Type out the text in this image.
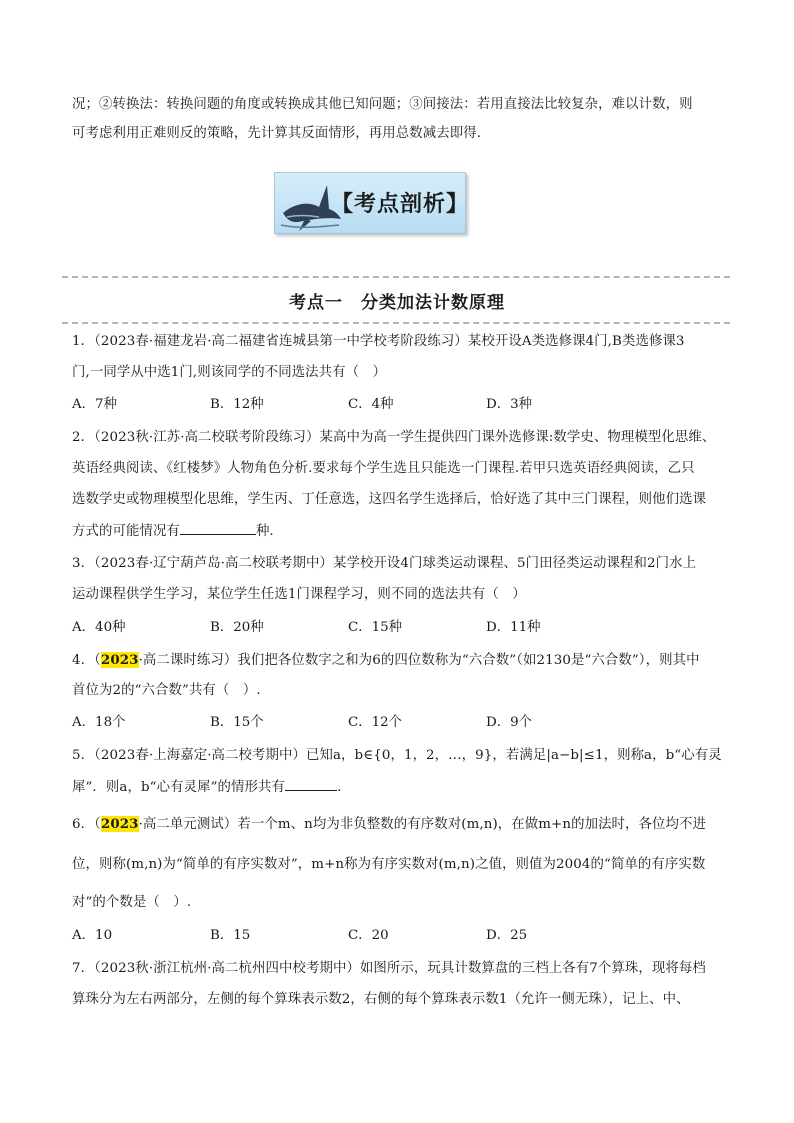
况；②转换法：转换问题的角度或转换成其他已知问题；③间接法：若用直接法比较复杂，难以计数，则
可考虑利用正难则反的策略，先计算其反面情形，再用总数减去即得.
【考点剖析】
考点一　分类加法计数原理
1．（2023春·福建龙岩·高二福建省连城县第一中学校考阶段练习）某校开设A类选修课4门,B类选修课3
门,一同学从中选1门,则该同学的不同选法共有（　）
A．7种	B．12种	C．4种	D．3种
2．（2023秋·江苏·高二校联考阶段练习）某高中为高一学生提供四门课外选修课:数学史、物理模型化思维、
英语经典阅读、《红楼梦》人物角色分析.要求每个学生选且只能选一门课程.若甲只选英语经典阅读，乙只
选数学史或物理模型化思维，学生丙、丁任意选，这四名学生选择后，恰好选了其中三门课程，则他们选课
方式的可能情况有	种.
3．（2023春·辽宁葫芦岛·高二校联考期中）某学校开设4门球类运动课程、5门田径类运动课程和2门水上
运动课程供学生学习，某位学生任选1门课程学习，则不同的选法共有（　）
A．40种	B．20种	C．15种	D．11种
4．（2023·高二课时练习）我们把各位数字之和为6的四位数称为“六合数”（如2130是“六合数”），则其中
首位为2的“六合数”共有（　）.
A．18个	B．15个	C．12个	D．9个
5．（2023春·上海嘉定·高二校考期中）已知a，b∈{0，1，2，…，9}，若满足|a−b|≤1，则称a，b“心有灵
犀”．则a，b“心有灵犀”的情形共有	.
6．（2023·高二单元测试）若一个m、n均为非负整数的有序数对(m,n)，在做m+n的加法时，各位均不进
位，则称(m,n)为“简单的有序实数对”，m+n称为有序实数对(m,n)之值，则值为2004的“简单的有序实数
对”的个数是（　）.
A．10	B．15	C．20	D．25
7．（2023秋·浙江杭州·高二杭州四中校考期中）如图所示，玩具计数算盘的三档上各有7个算珠，现将每档
算珠分为左右两部分，左侧的每个算珠表示数2，右侧的每个算珠表示数1（允许一侧无珠），记上、中、
